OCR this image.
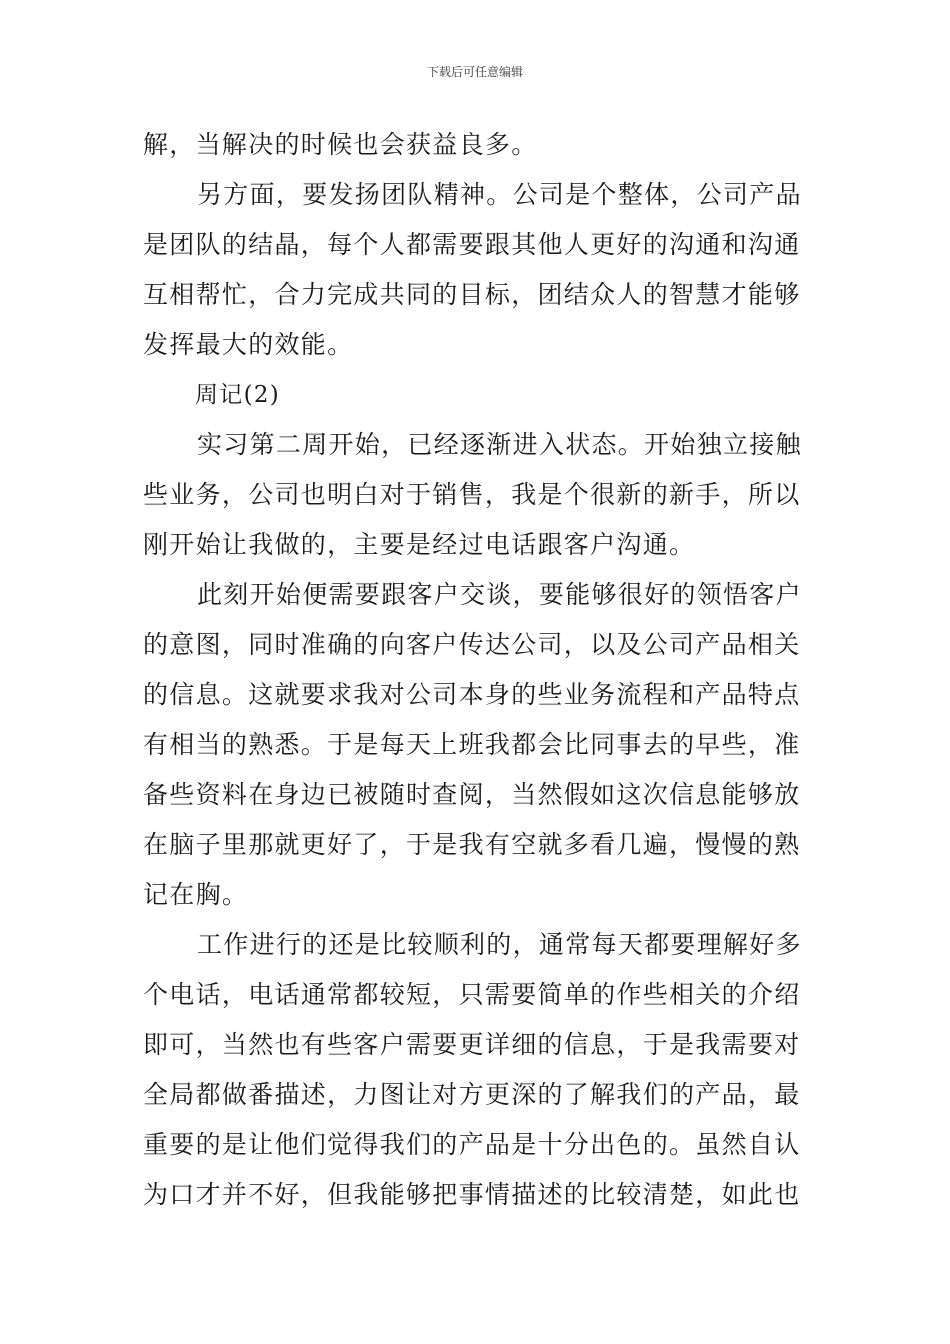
下载后可任意编辑
解，当解决的时候也会获益良多。
另方面，要发扬团队精神。公司是个整体，公司产品
是团队的结晶，每个人都需要跟其他人更好的沟通和沟通
互相帮忙，合力完成共同的目标，团结众人的智慧才能够
发挥最大的效能。
周记(2)
实习第二周开始，已经逐渐进入状态。开始独立接触
些业务，公司也明白对于销售，我是个很新的新手，所以
刚开始让我做的，主要是经过电话跟客户沟通。
此刻开始便需要跟客户交谈，要能够很好的领悟客户
的意图，同时准确的向客户传达公司，以及公司产品相关
的信息。这就要求我对公司本身的些业务流程和产品特点
有相当的熟悉。于是每天上班我都会比同事去的早些，准
备些资料在身边已被随时查阅，当然假如这次信息能够放
在脑子里那就更好了，于是我有空就多看几遍，慢慢的熟
记在胸。
工作进行的还是比较顺利的，通常每天都要理解好多
个电话，电话通常都较短，只需要简单的作些相关的介绍
即可，当然也有些客户需要更详细的信息，于是我需要对
全局都做番描述，力图让对方更深的了解我们的产品，最
重要的是让他们觉得我们的产品是十分出色的。虽然自认
为口才并不好，但我能够把事情描述的比较清楚，如此也
